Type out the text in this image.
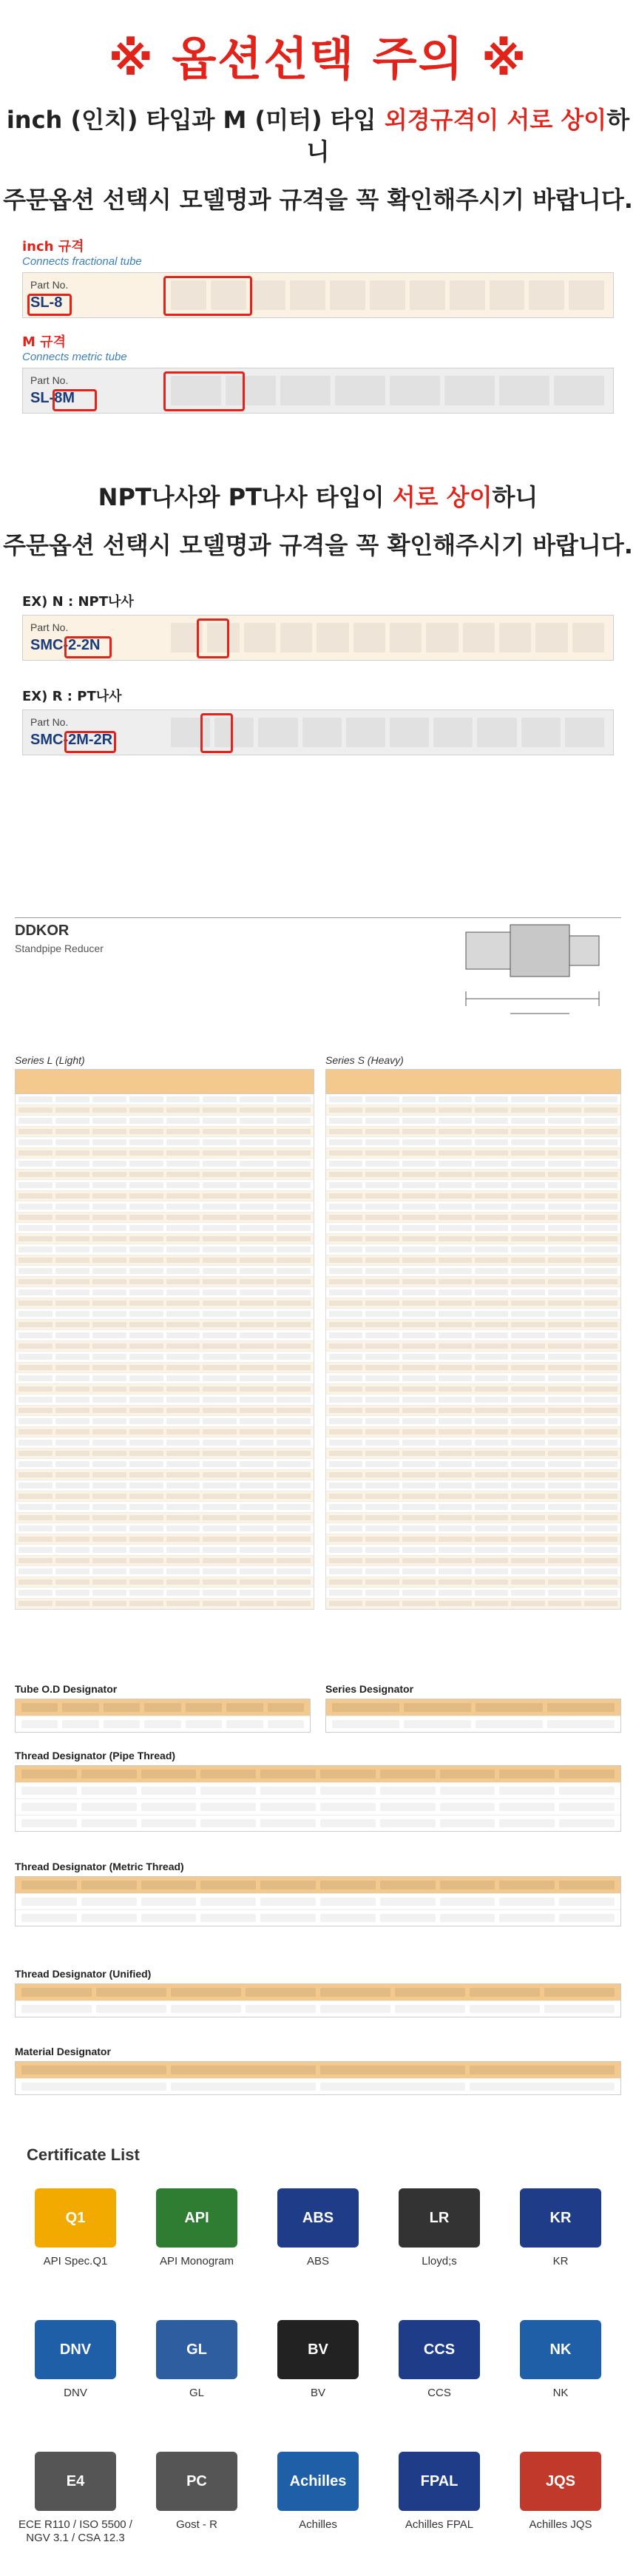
※ 옵션선택 주의 ※
inch (인치) 타입과 M (미터) 타입 외경규격이 서로 상이하니
주문옵션 선택시 모델명과 규격을 꼭 확인해주시기 바랍니다.
inch 규격
Connects fractional tube
Part No.
SL-8
M 규격
Connects metric tube
Part No.
SL-8M
NPT나사와 PT나사 타입이 서로 상이하니
주문옵션 선택시 모델명과 규격을 꼭 확인해주시기 바랍니다.
EX) N : NPT나사
Part No.
SMC-2-2N
EX) R : PT나사
Part No.
SMC-2M-2R
DDKOR
Standpipe Reducer
Series L (Light)

	Series S (Heavy)

Tube O.D Designator	Series Designator
Thread Designator (Pipe Thread)
Thread Designator (Metric Thread)
Thread Designator (Unified)
Material Designator
Certificate List
Q1
API Spec.Q1
API
API Monogram
ABS
ABS
LR
Lloyd;s
KR
KR
DNV
DNV
GL
GL
BV
BV
CCS
CCS
NK
NK
E4
ECE R110 / ISO 5500 / NGV 3.1 / CSA 12.3
PC
Gost - R
Achilles
Achilles
FPAL
Achilles FPAL
JQS
Achilles JQS
